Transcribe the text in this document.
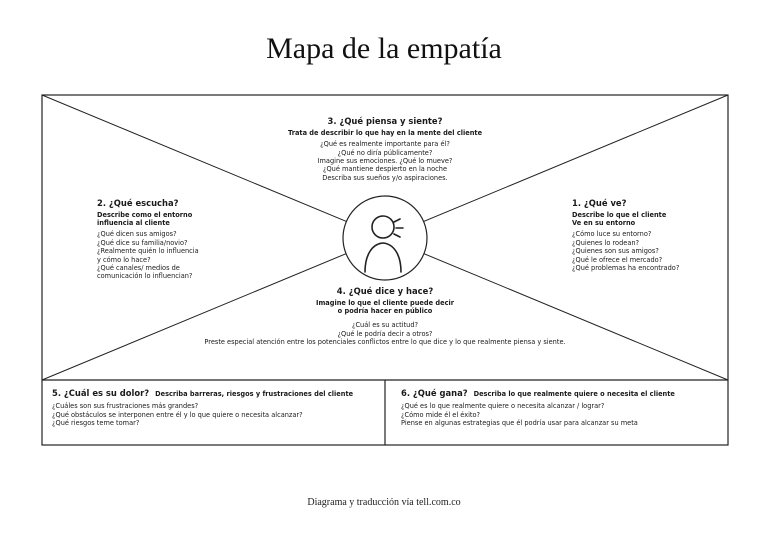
Mapa de la empatía
3. ¿Qué piensa y siente?
Trata de describir lo que hay en la mente del cliente
¿Qué es realmente importante para él?
¿Qué no diría públicamente?
Imagine sus emociones. ¿Qué lo mueve?
¿Qué mantiene despierto en la noche
Describa sus sueños y/o aspiraciones.
2. ¿Qué escucha?
Describe como el entorno
influencia al cliente
¿Qué dicen sus amigos?
¿Qué dice su familia/novio?
¿Realmente quién lo influencia
y cómo lo hace?
¿Qué canales/ medios de
comunicación lo influencian?
1. ¿Qué ve?
Describe lo que el cliente
Ve en su entorno
¿Cómo luce su entorno?
¿Quienes lo rodean?
¿Quienes son sus amigos?
¿Qué le ofrece el mercado?
¿Qué problemas ha encontrado?
4. ¿Qué dice y hace?
Imagine lo que el cliente puede decir
o podría hacer en público
¿Cuál es su actitud?
¿Qué le podría decir a otros?
Preste especial atención entre los potenciales conflictos entre lo que dice y lo que realmente piensa y siente.
5. ¿Cuál es su dolor? Describa barreras, riesgos y frustraciones del cliente
¿Cuáles son sus frustraciones más grandes?
¿Qué obstáculos se interponen entre él y lo que quiere o necesita alcanzar?
¿Qué riesgos teme tomar?
6. ¿Qué gana? Describa lo que realmente quiere o necesita el cliente
¿Qué es lo que realmente quiere o necesita alcanzar / lograr?
¿Cómo mide él el éxito?
Piense en algunas estrategias que él podría usar para alcanzar su meta
Diagrama y traducción vía tell.com.co
